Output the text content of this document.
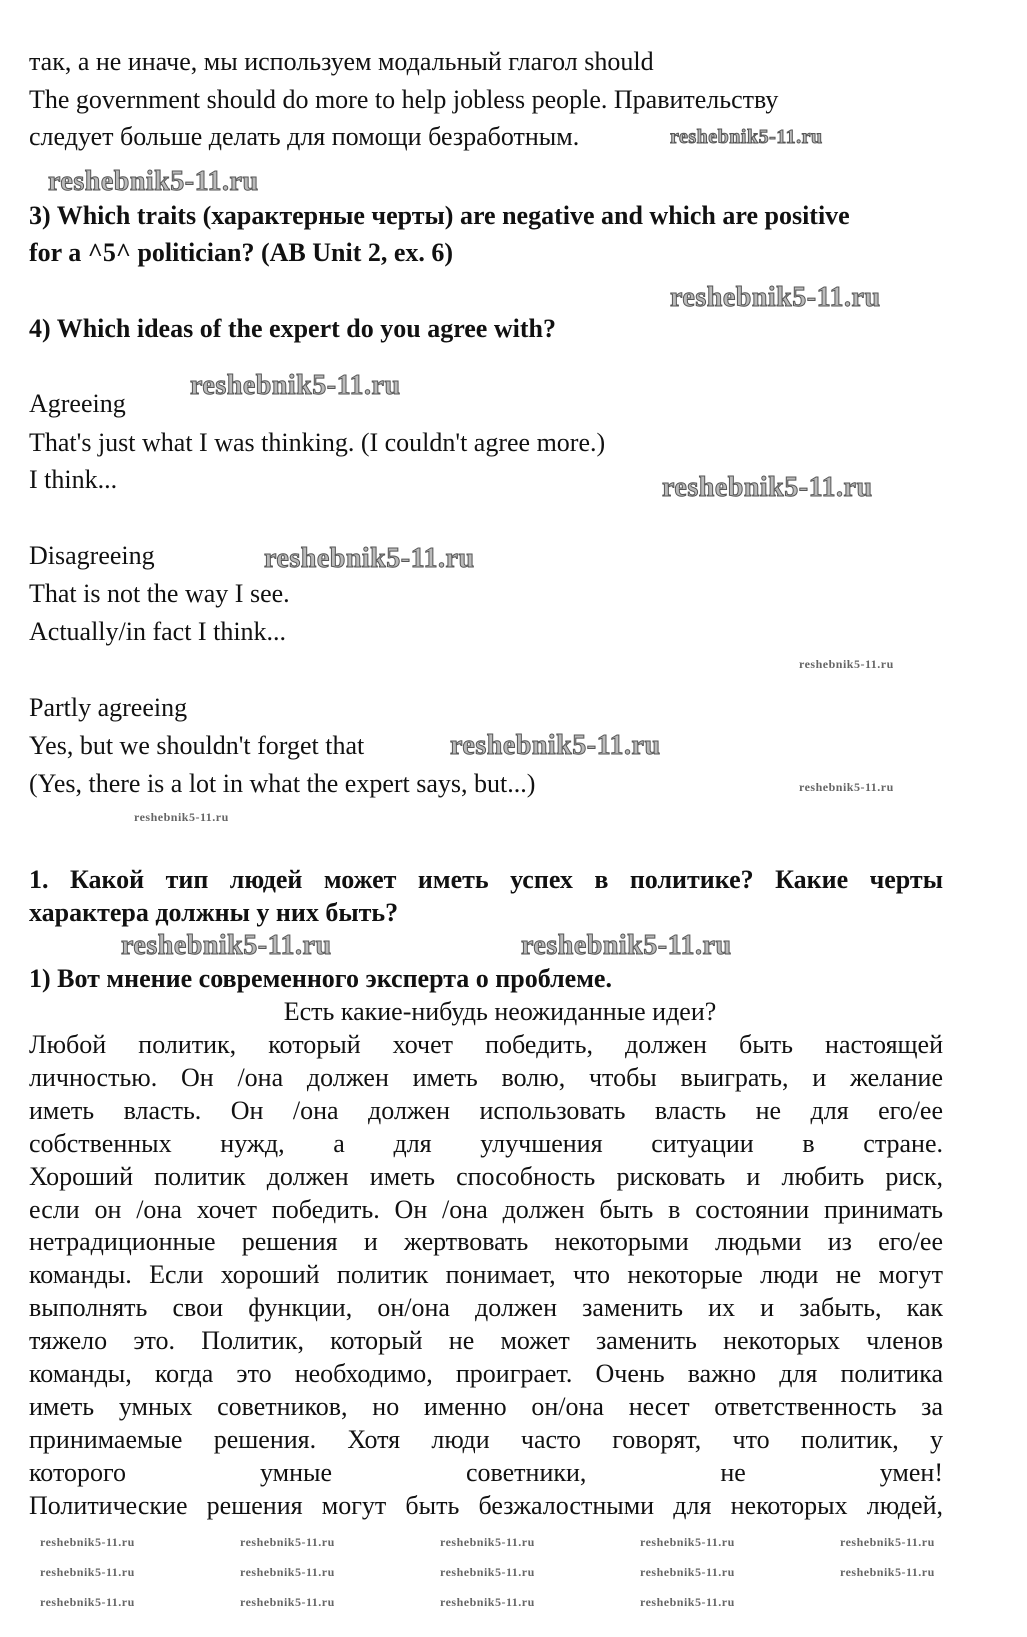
так, а не иначе, мы используем модальный глагол should
The government should do more to help jobless people. Правительству
следует больше делать для помощи безработным.
3) Which traits (характерные черты) are negative and which are positive
for a ^5^ politician? (AB Unit 2, ex. 6)
4) Which ideas of the expert do you agree with?
Agreeing
That's just what I was thinking. (I couldn't agree more.)
I think...
Disagreeing
That is not the way I see.
Actually/in fact I think...
Partly agreeing
Yes, but we shouldn't forget that
(Yes, there is a lot in what the expert says, but...)
1. Какой тип людей может иметь успех в политике? Какие черты
характера должны у них быть?
1) Вот мнение современного эксперта о проблеме.
Есть какие-нибудь неожиданные идеи?
Любой политик, который хочет победить, должен быть настоящей
личностью. Он /она должен иметь волю, чтобы выиграть, и желание
иметь власть. Он /она должен использовать власть не для его/ее
собственных нужд, а для улучшения ситуации в стране.
Хороший политик должен иметь способность рисковать и любить риск,
если он /она хочет победить. Он /она должен быть в состоянии принимать
нетрадиционные решения и жертвовать некоторыми людьми из его/ее
команды. Если хороший политик понимает, что некоторые люди не могут
выполнять свои функции, он/она должен заменить их и забыть, как
тяжело это. Политик, который не может заменить некоторых членов
команды, когда это необходимо, проиграет. Очень важно для политика
иметь умных советников, но именно он/она несет ответственность за
принимаемые решения. Хотя люди часто говорят, что политик, у
которого умные советники, не умен!
Политические решения могут быть безжалостными для некоторых людей,
reshebnik5-11.ru
reshebnik5-11.ru
reshebnik5-11.ru
reshebnik5-11.ru
reshebnik5-11.ru
reshebnik5-11.ru
reshebnik5-11.ru
reshebnik5-11.ru
reshebnik5-11.ru
reshebnik5-11.ru
reshebnik5-11.ru
reshebnik5-11.ru
reshebnik5-11.ru	reshebnik5-11.ru	reshebnik5-11.ru	reshebnik5-11.ru	reshebnik5-11.ru
reshebnik5-11.ru	reshebnik5-11.ru	reshebnik5-11.ru	reshebnik5-11.ru	reshebnik5-11.ru
reshebnik5-11.ru	reshebnik5-11.ru	reshebnik5-11.ru	reshebnik5-11.ru
